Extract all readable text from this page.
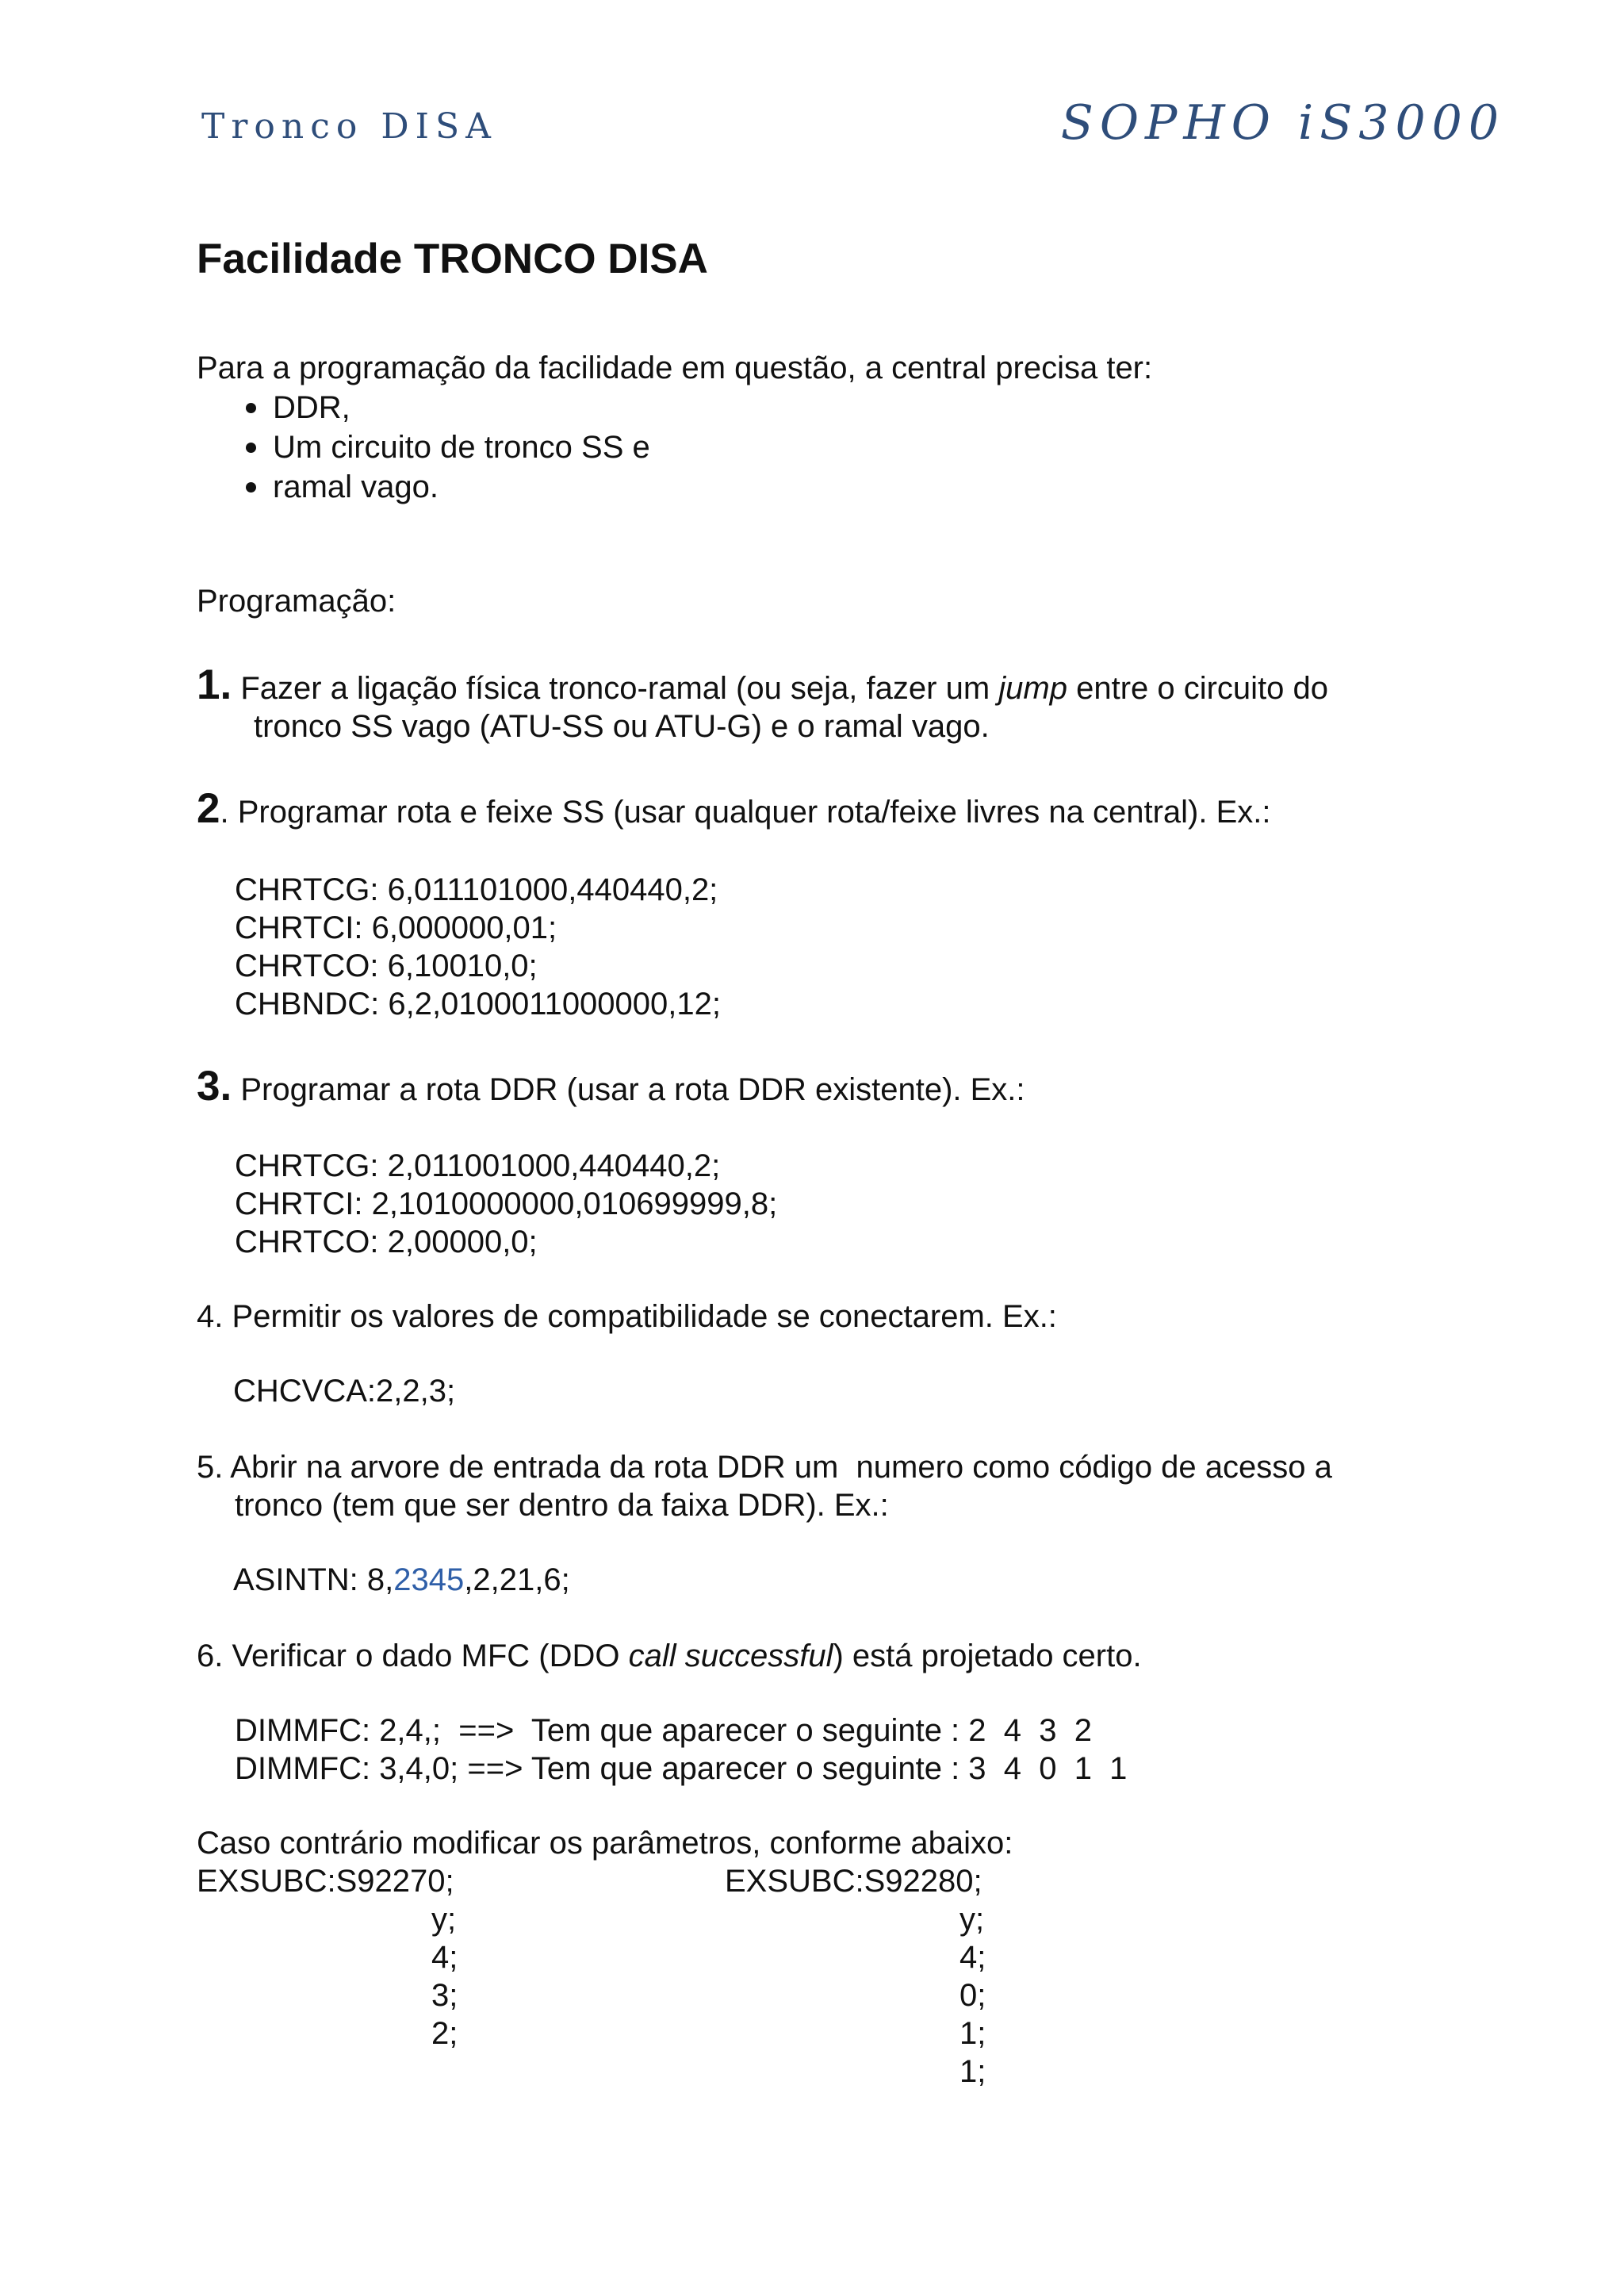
Tronco DISA	SOPHO iS3000
Facilidade TRONCO DISA
Para a programação da facilidade em questão, a central precisa ter:
DDR,
Um circuito de tronco SS e
ramal vago.
Programação:
1. Fazer a ligação física tronco-ramal (ou seja, fazer um jump entre o circuito do
tronco SS vago (ATU-SS ou ATU-G) e o ramal vago.
2. Programar rota e feixe SS (usar qualquer rota/feixe livres na central). Ex.:
CHRTCG: 6,011101000,440440,2;
CHRTCI: 6,000000,01;
CHRTCO: 6,10010,0;
CHBNDC: 6,2,0100011000000,12;
3. Programar a rota DDR (usar a rota DDR existente). Ex.:
CHRTCG: 2,011001000,440440,2;
CHRTCI: 2,1010000000,010699999,8;
CHRTCO: 2,00000,0;
4. Permitir os valores de compatibilidade se conectarem. Ex.:
CHCVCA:2,2,3;
5. Abrir na arvore de entrada da rota DDR um  numero como código de acesso a
tronco (tem que ser dentro da faixa DDR). Ex.:
ASINTN: 8,2345,2,21,6;
6. Verificar o dado MFC (DDO call successful) está projetado certo.
DIMMFC: 2,4,;  ==>  Tem que aparecer o seguinte : 2  4  3  2
DIMMFC: 3,4,0; ==> Tem que aparecer o seguinte : 3  4  0  1  1
Caso contrário modificar os parâmetros, conforme abaixo:
EXSUBC:S92270;
y;
4;
3;
2;
EXSUBC:S92280;
y;
4;
0;
1;
1;
